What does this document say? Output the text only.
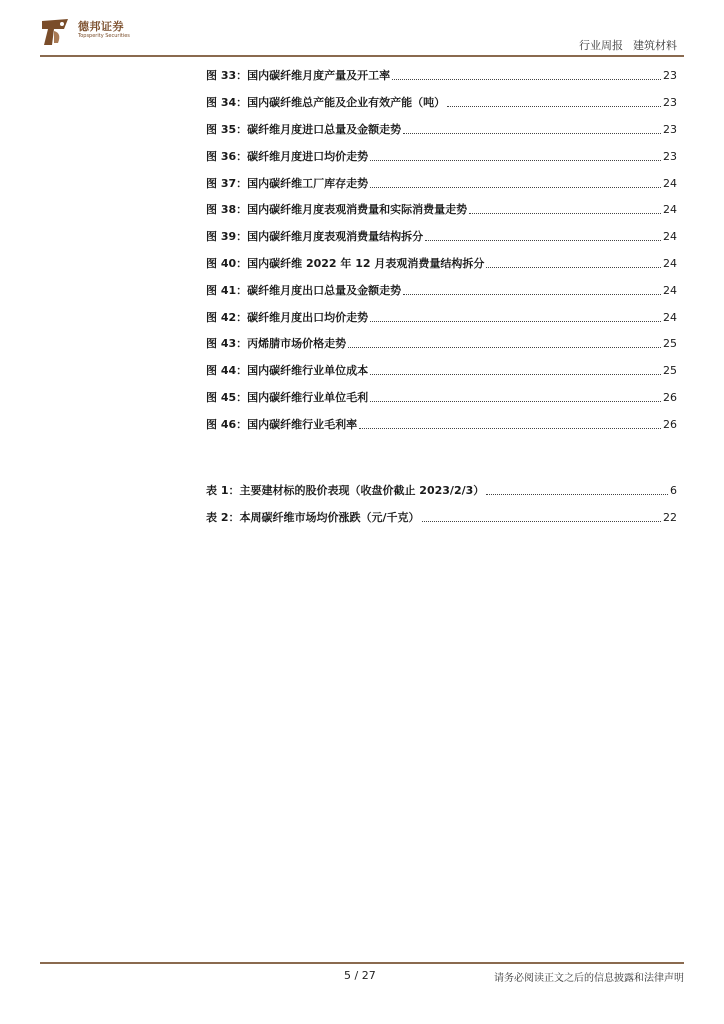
德邦证券
Topsperity Securities
行业周报 建筑材料
图 33：国内碳纤维月度产量及开工率	23
图 34：国内碳纤维总产能及企业有效产能（吨）	23
图 35：碳纤维月度进口总量及金额走势	23
图 36：碳纤维月度进口均价走势	23
图 37：国内碳纤维工厂库存走势	24
图 38：国内碳纤维月度表观消费量和实际消费量走势	24
图 39：国内碳纤维月度表观消费量结构拆分	24
图 40：国内碳纤维 2022 年 12 月表观消费量结构拆分	24
图 41：碳纤维月度出口总量及金额走势	24
图 42：碳纤维月度出口均价走势	24
图 43：丙烯腈市场价格走势	25
图 44：国内碳纤维行业单位成本	25
图 45：国内碳纤维行业单位毛利	26
图 46：国内碳纤维行业毛利率	26
表 1：主要建材标的股价表现（收盘价截止 2023/2/3）	6
表 2：本周碳纤维市场均价涨跌（元/千克）	22
5 / 27	请务必阅读正文之后的信息披露和法律声明
